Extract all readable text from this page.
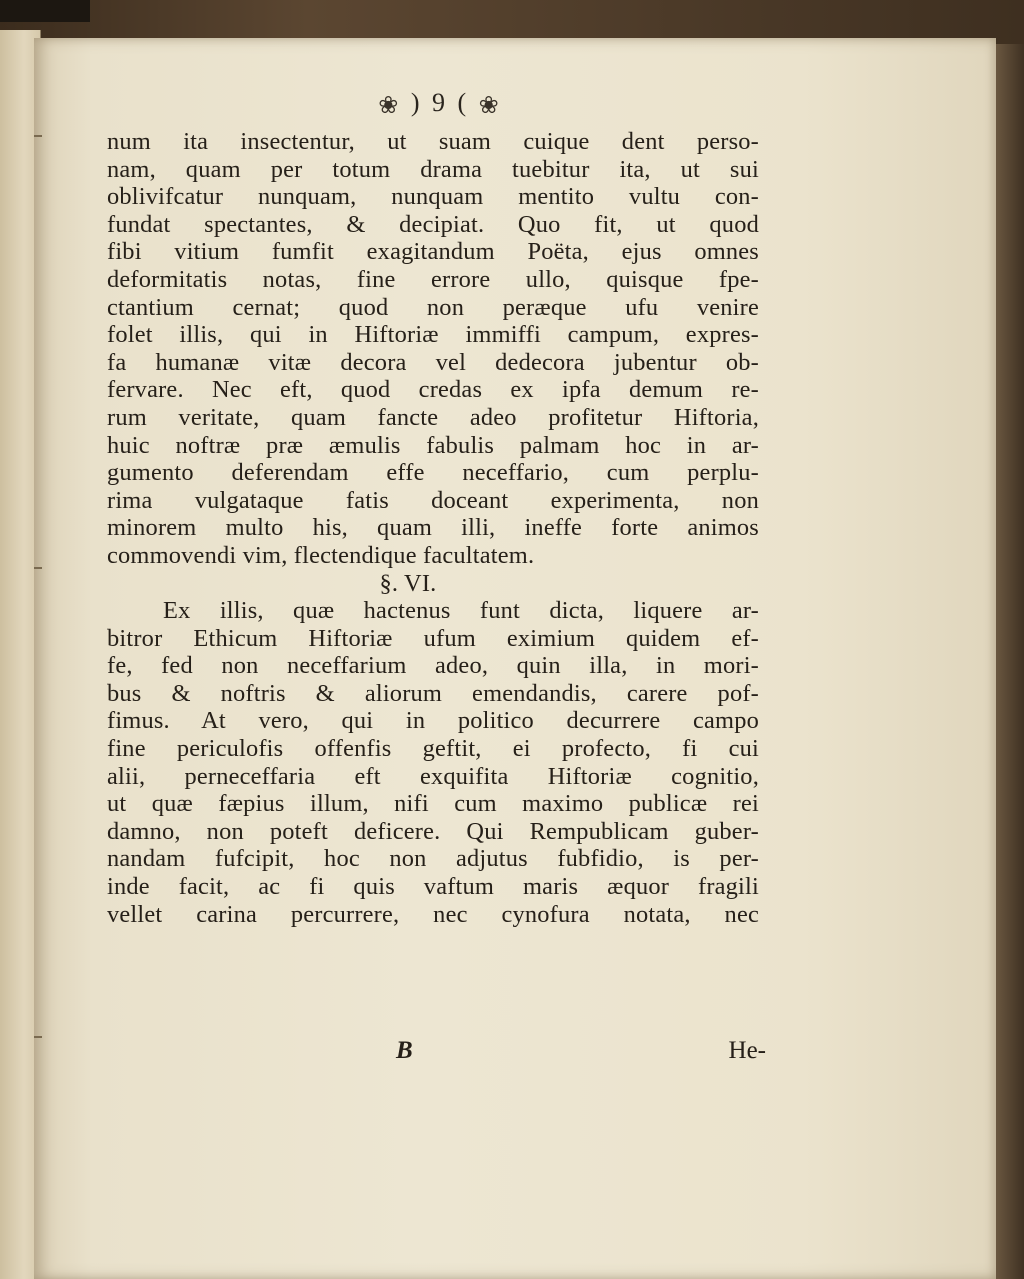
❀ ) 9 ( ❀
num ita insectentur, ut suam cuique dent perso-
nam, quam per totum drama tuebitur ita, ut sui
oblivifcatur nunquam, nunquam mentito vultu con-
fundat spectantes, & decipiat. Quo fit, ut quod
fibi vitium fumfit exagitandum Poëta, ejus omnes
deformitatis notas, fine errore ullo, quisque fpe-
ctantium cernat; quod non peræque ufu venire
folet illis, qui in Hiftoriæ immiffi campum, expres-
fa humanæ vitæ decora vel dedecora jubentur ob-
fervare. Nec eft, quod credas ex ipfa demum re-
rum veritate, quam fancte adeo profitetur Hiftoria,
huic noftræ præ æmulis fabulis palmam hoc in ar-
gumento deferendam effe neceffario, cum perplu-
rima vulgataque fatis doceant experimenta, non
minorem multo his, quam illi, ineffe forte animos
commovendi vim, flectendique facultatem.
§. VI.
Ex illis, quæ hactenus funt dicta, liquere ar-
bitror Ethicum Hiftoriæ ufum eximium quidem ef-
fe, fed non neceffarium adeo, quin illa, in mori-
bus & noftris & aliorum emendandis, carere pof-
fimus. At vero, qui in politico decurrere campo
fine periculofis offenfis geftit, ei profecto, fi cui
alii, perneceffaria eft exquifita Hiftoriæ cognitio,
ut quæ fæpius illum, nifi cum maximo publicæ rei
damno, non poteft deficere. Qui Rempublicam guber-
nandam fufcipit, hoc non adjutus fubfidio, is per-
inde facit, ac fi quis vaftum maris æquor fragili
vellet carina percurrere, nec cynofura notata, nec
B	He-
